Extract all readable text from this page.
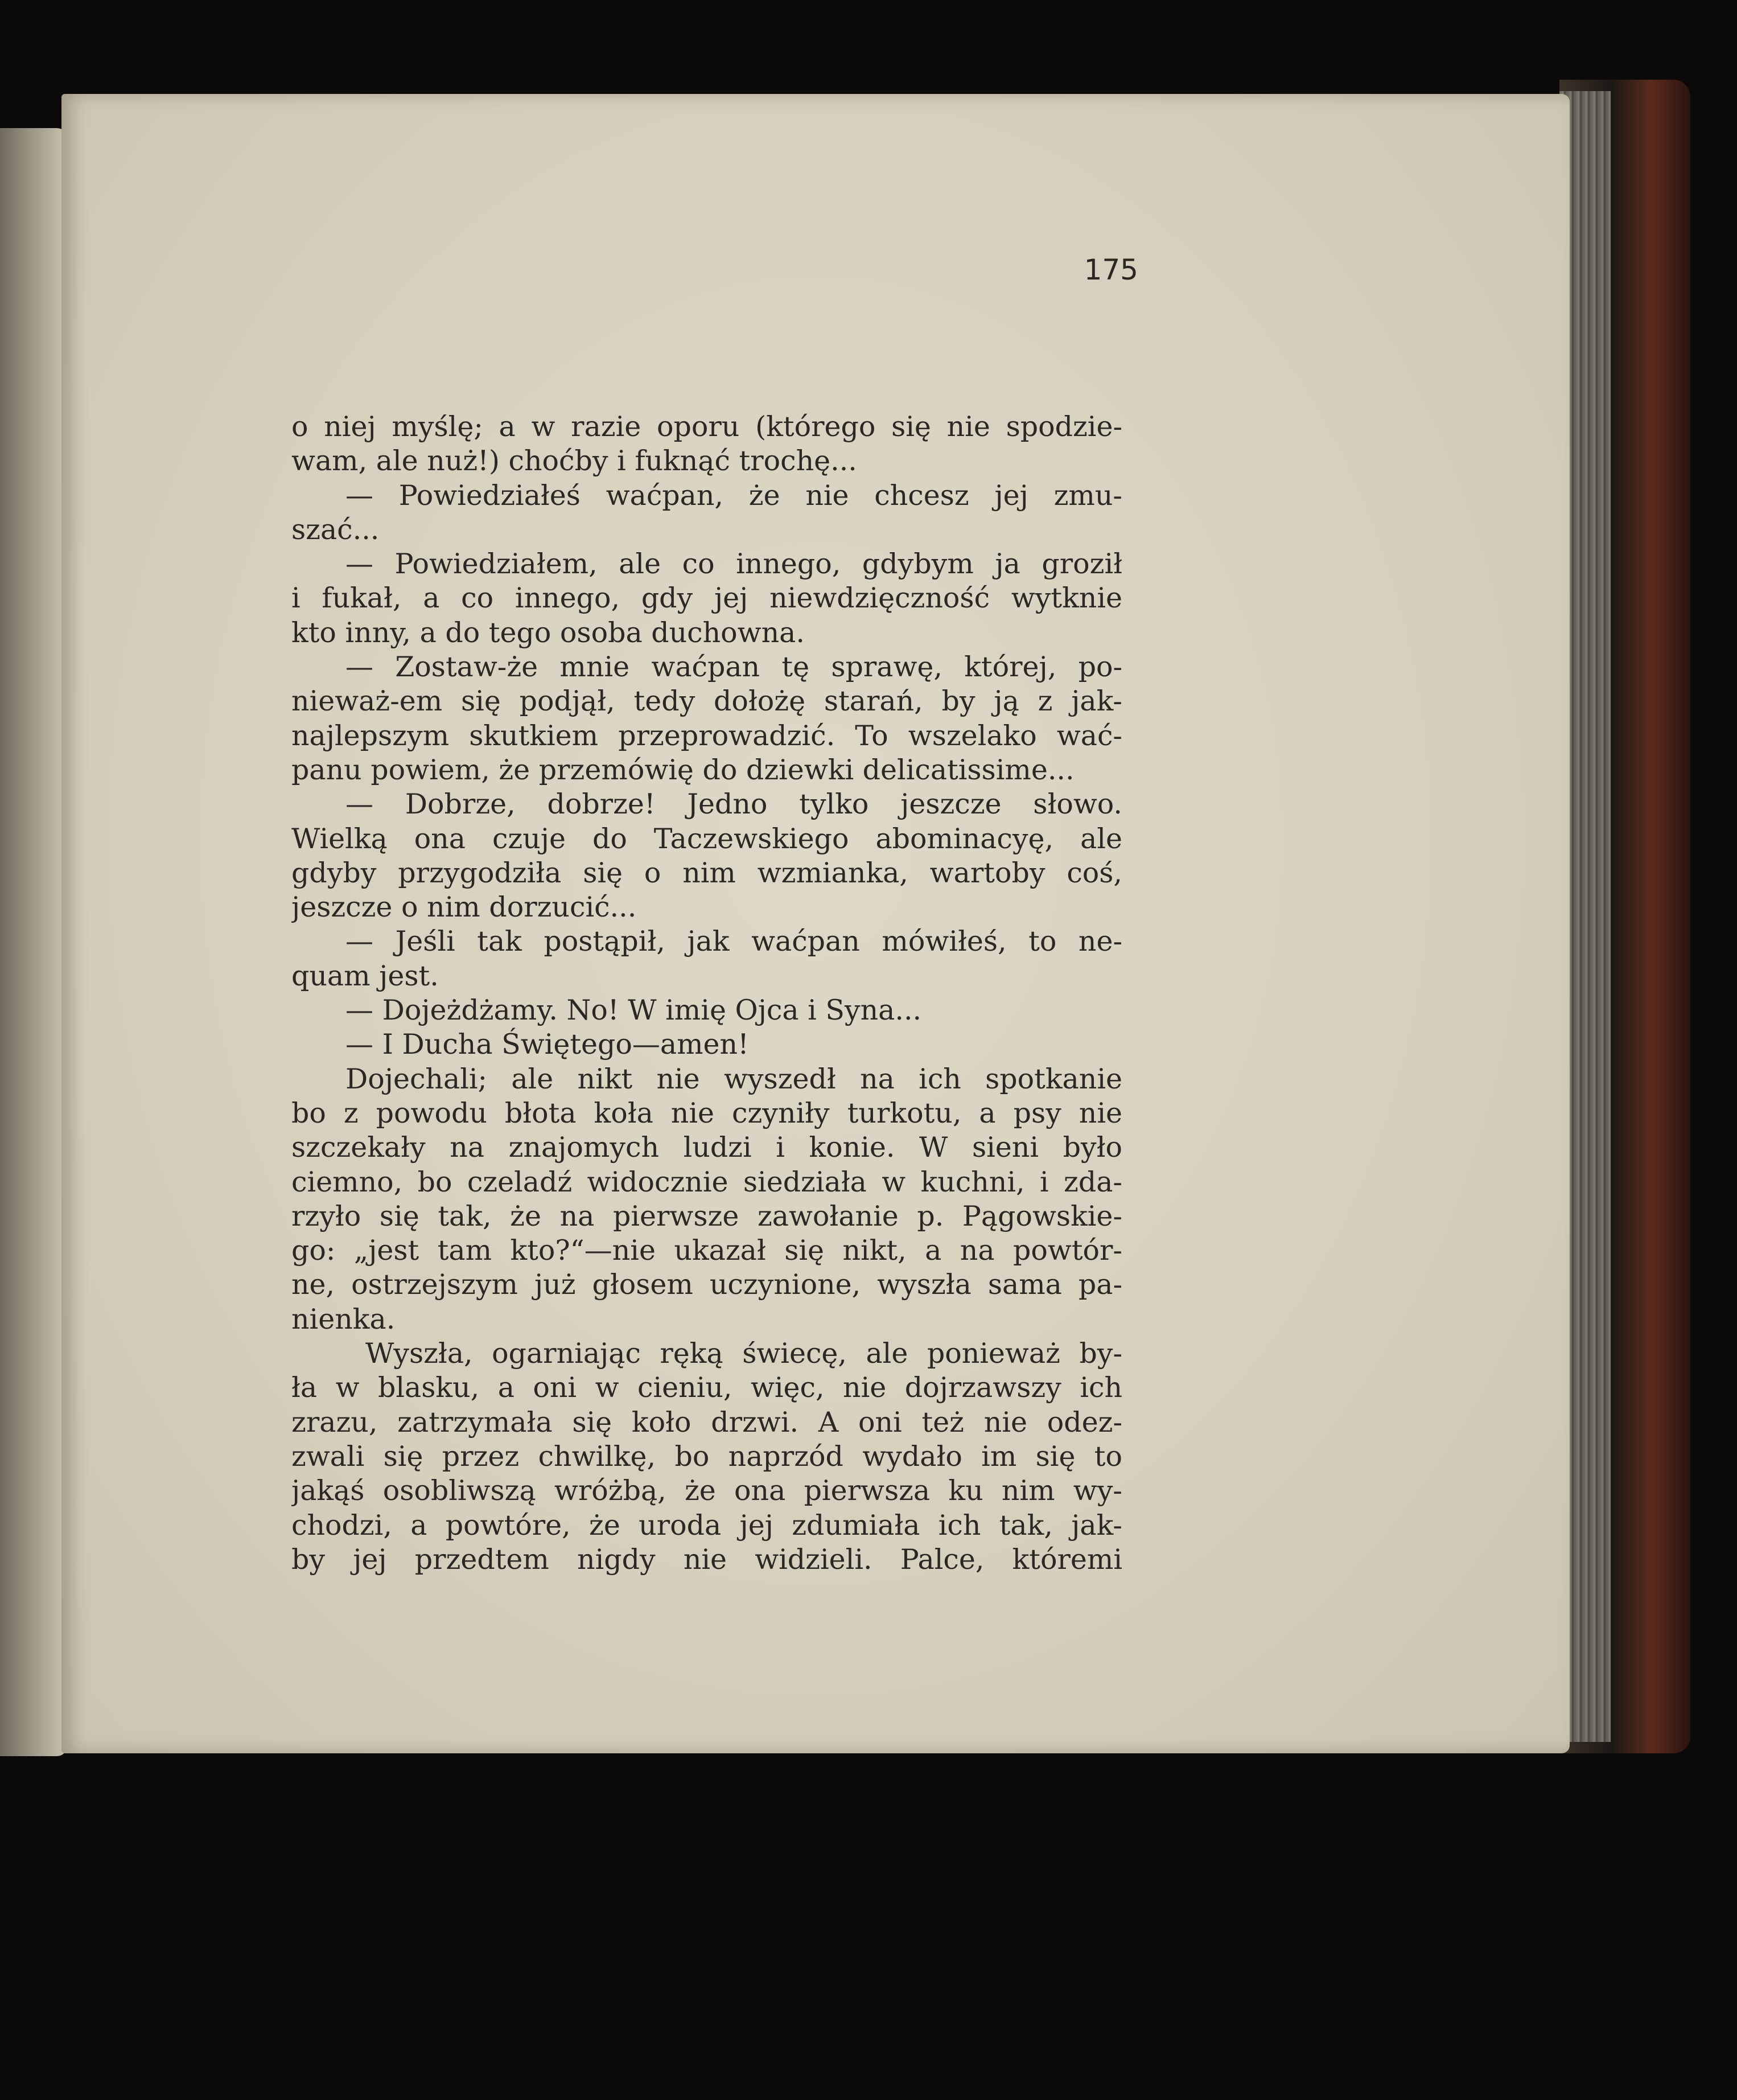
175
o niej myślę; a w razie oporu (którego się nie spodzie-
wam, ale nuż!) choćby i fuknąć trochę...
— Powiedziałeś waćpan, że nie chcesz jej zmu-
szać...
— Powiedziałem, ale co innego, gdybym ja groził
i fukał, a co innego, gdy jej niewdzięczność wytknie
kto inny, a do tego osoba duchowna.
— Zostaw-że mnie waćpan tę sprawę, której, po-
nieważ-em się podjął, tedy dołożę starań, by ją z jak-
najlepszym skutkiem przeprowadzić. To wszelako wać-
panu powiem, że przemówię do dziewki delicatissime...
— Dobrze, dobrze! Jedno tylko jeszcze słowo.
Wielką ona czuje do Taczewskiego abominacyę, ale
gdyby przygodziła się o nim wzmianka, wartoby coś,
jeszcze o nim dorzucić...
— Jeśli tak postąpił, jak waćpan mówiłeś, to ne-
quam jest.
— Dojeżdżamy. No! W imię Ojca i Syna...
— I Ducha Świętego—amen!
Dojechali; ale nikt nie wyszedł na ich spotkanie
bo z powodu błota koła nie czyniły turkotu, a psy nie
szczekały na znajomych ludzi i konie. W sieni było
ciemno, bo czeladź widocznie siedziała w kuchni, i zda-
rzyło się tak, że na pierwsze zawołanie p. Pągowskie-
go: „jest tam kto?“—nie ukazał się nikt, a na powtór-
ne, ostrzejszym już głosem uczynione, wyszła sama pa-
nienka.
Wyszła, ogarniając ręką świecę, ale ponieważ by-
ła w blasku, a oni w cieniu, więc, nie dojrzawszy ich
zrazu, zatrzymała się koło drzwi. A oni też nie odez-
zwali się przez chwilkę, bo naprzód wydało im się to
jakąś osobliwszą wróżbą, że ona pierwsza ku nim wy-
chodzi, a powtóre, że uroda jej zdumiała ich tak, jak-
by jej przedtem nigdy nie widzieli. Palce, któremi
